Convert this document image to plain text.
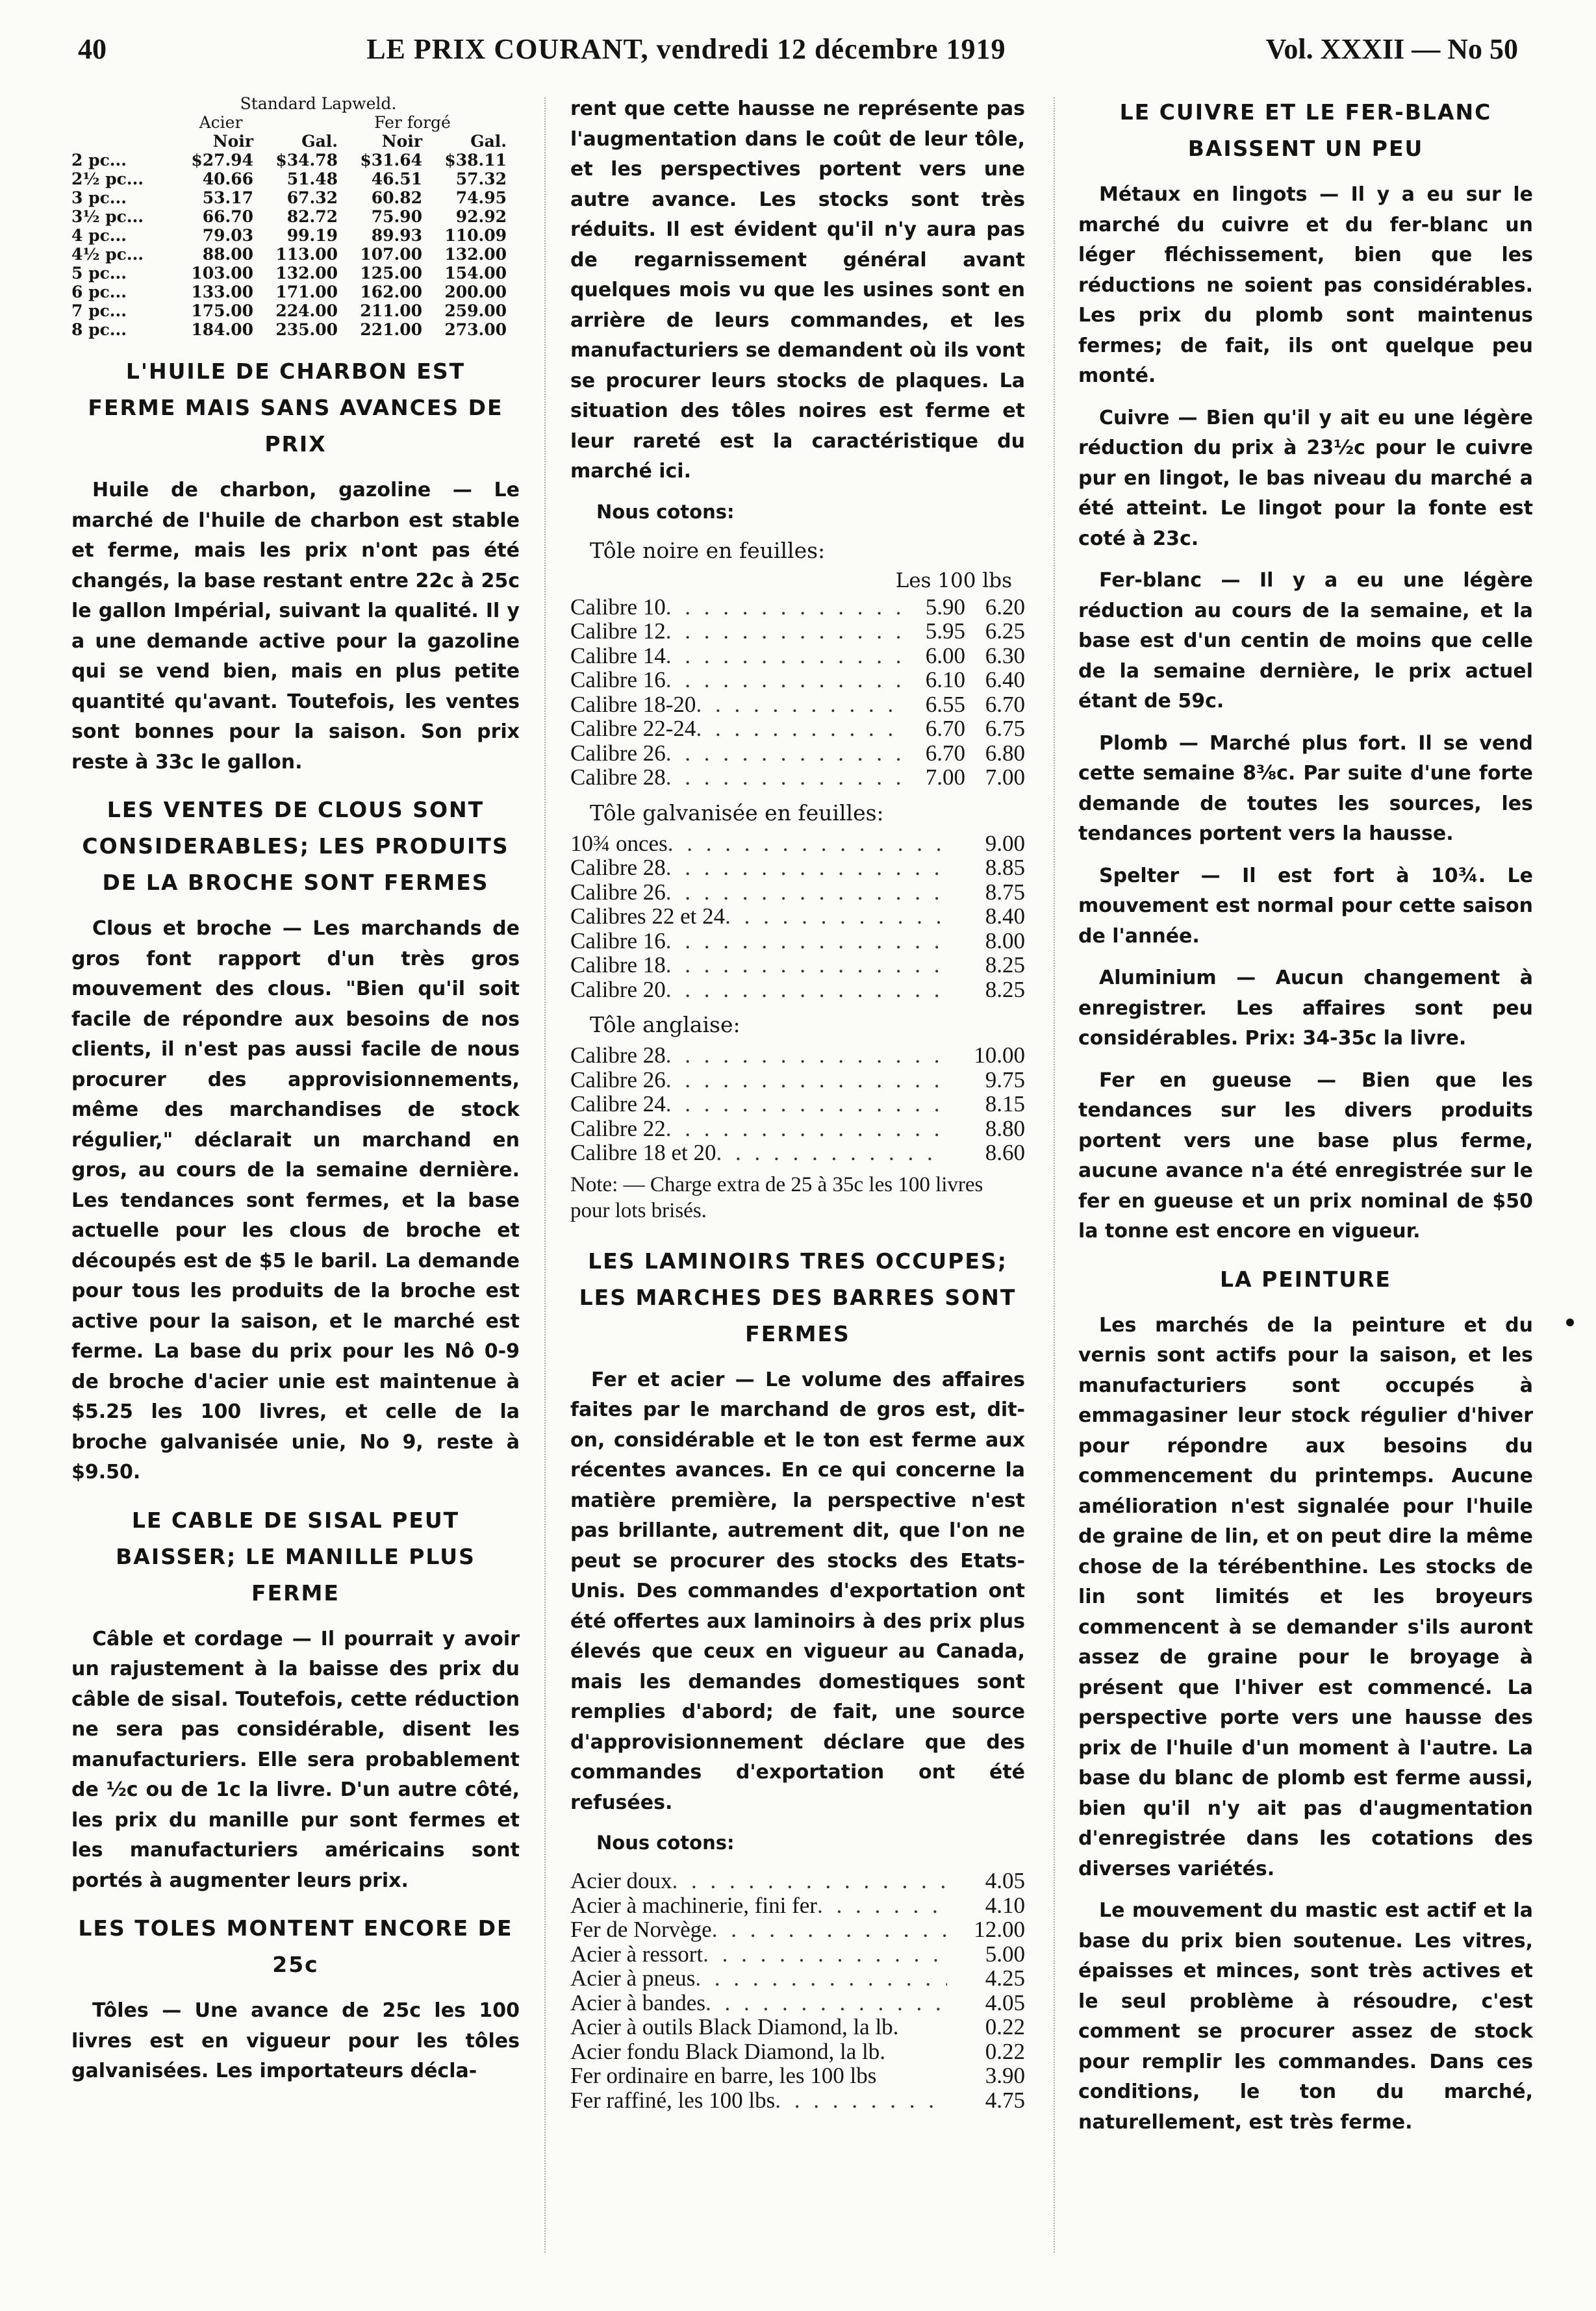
40	LE PRIX COURANT, vendredi 12 décembre 1919	Vol. XXXII — No 50
Standard Lapweld.
Acier	Fer forgé
Noir	Gal.	Noir	Gal.
2 pc...	$27.94	$34.78	$31.64	$38.11
2½ pc...	40.66	51.48	46.51	57.32
3 pc...	53.17	67.32	60.82	74.95
3½ pc...	66.70	82.72	75.90	92.92
4 pc...	79.03	99.19	89.93	110.09
4½ pc...	88.00	113.00	107.00	132.00
5 pc...	103.00	132.00	125.00	154.00
6 pc...	133.00	171.00	162.00	200.00
7 pc...	175.00	224.00	211.00	259.00
8 pc...	184.00	235.00	221.00	273.00
L'HUILE DE CHARBON EST FERME MAIS SANS AVANCES DE PRIX

Huile de charbon, gazoline — Le marché de l'huile de charbon est stable et ferme, mais les prix n'ont pas été changés, la base restant entre 22c à 25c le gallon Impérial, suivant la qualité. Il y a une demande active pour la gazoline qui se vend bien, mais en plus petite quantité qu'avant. Toutefois, les ventes sont bonnes pour la saison. Son prix reste à 33c le gallon.

LES VENTES DE CLOUS SONT CONSIDERABLES; LES PRODUITS DE LA BROCHE SONT FERMES

Clous et broche — Les marchands de gros font rapport d'un très gros mouvement des clous. "Bien qu'il soit facile de répondre aux besoins de nos clients, il n'est pas aussi facile de nous procurer des approvisionnements, même des marchandises de stock régulier," déclarait un marchand en gros, au cours de la semaine dernière. Les tendances sont fermes, et la base actuelle pour les clous de broche et découpés est de $5 le baril. La demande pour tous les produits de la broche est active pour la saison, et le marché est ferme. La base du prix pour les Nô 0-9 de broche d'acier unie est maintenue à $5.25 les 100 livres, et celle de la broche galvanisée unie, No 9, reste à $9.50.

LE CABLE DE SISAL PEUT BAISSER; LE MANILLE PLUS FERME

Câble et cordage — Il pourrait y avoir un rajustement à la baisse des prix du câble de sisal. Toutefois, cette réduction ne sera pas considérable, disent les manufacturiers. Elle sera probablement de ½c ou de 1c la livre. D'un autre côté, les prix du manille pur sont fermes et les manufacturiers américains sont portés à augmenter leurs prix.

LES TOLES MONTENT ENCORE DE 25c

Tôles — Une avance de 25c les 100 livres est en vigueur pour les tôles galvanisées. Les importateurs décla-

rent que cette hausse ne représente pas l'augmentation dans le coût de leur tôle, et les perspectives portent vers une autre avance. Les stocks sont très réduits. Il est évident qu'il n'y aura pas de regarnissement général avant quelques mois vu que les usines sont en arrière de leurs commandes, et les manufacturiers se demandent où ils vont se procurer leurs stocks de plaques. La situation des tôles noires est ferme et leur rareté est la caractéristique du marché ici.

Nous cotons:
Tôle noire en feuilles:
Les 100 lbs
Calibre 10 . . .	5.90 6.20
Calibre 12 . . .	5.95 6.25
Calibre 14 . . .	6.00 6.30
Calibre 16 . . .	6.10 6.40
Calibre 18-20 . . .	6.55 6.70
Calibre 22-24 . . .	6.70 6.75
Calibre 26 . . .	6.70 6.80
Calibre 28 . . .	7.00 7.00
Tôle galvanisée en feuilles:
10¾ onces . . .	9.00
Calibre 28 . . .	8.85
Calibre 26 . . .	8.75
Calibres 22 et 24 . . .	8.40
Calibre 16 . . .	8.00
Calibre 18 . . .	8.25
Calibre 20 . . .	8.25
Tôle anglaise:
Calibre 28 . . .	10.00
Calibre 26 . . .	9.75
Calibre 24 . . .	8.15
Calibre 22 . . .	8.80
Calibre 18 et 20 . . .	8.60
Note: — Charge extra de 25 à 35c les 100 livres pour lots brisés.
LES LAMINOIRS TRES OCCUPES; LES MARCHES DES BARRES SONT FERMES

Fer et acier — Le volume des affaires faites par le marchand de gros est, dit-on, considérable et le ton est ferme aux récentes avances. En ce qui concerne la matière première, la perspective n'est pas brillante, autrement dit, que l'on ne peut se procurer des stocks des Etats-Unis. Des commandes d'exportation ont été offertes aux laminoirs à des prix plus élevés que ceux en vigueur au Canada, mais les demandes domestiques sont remplies d'abord; de fait, une source d'approvisionnement déclare que des commandes d'exportation ont été refusées.

Nous cotons:
Acier doux . . .	4.05
Acier à machinerie, fini fer . . .	4.10
Fer de Norvège . . .	12.00
Acier à ressort . . .	5.00
Acier à pneus . . .	4.25
Acier à bandes . . .	4.05
Acier à outils Black Diamond, la lb.	0.22
Acier fondu Black Diamond, la lb.	0.22
Fer ordinaire en barre, les 100 lbs	3.90
Fer raffiné, les 100 lbs . . .	4.75
LE CUIVRE ET LE FER-BLANC BAISSENT UN PEU

Métaux en lingots — Il y a eu sur le marché du cuivre et du fer-blanc un léger fléchissement, bien que les réductions ne soient pas considérables. Les prix du plomb sont maintenus fermes; de fait, ils ont quelque peu monté.

Cuivre — Bien qu'il y ait eu une légère réduction du prix à 23½c pour le cuivre pur en lingot, le bas niveau du marché a été atteint. Le lingot pour la fonte est coté à 23c.

Fer-blanc — Il y a eu une légère réduction au cours de la semaine, et la base est d'un centin de moins que celle de la semaine dernière, le prix actuel étant de 59c.

Plomb — Marché plus fort. Il se vend cette semaine 8⅜c. Par suite d'une forte demande de toutes les sources, les tendances portent vers la hausse.

Spelter — Il est fort à 10¾. Le mouvement est normal pour cette saison de l'année.

Aluminium — Aucun changement à enregistrer. Les affaires sont peu considérables. Prix: 34-35c la livre.

Fer en gueuse — Bien que les tendances sur les divers produits portent vers une base plus ferme, aucune avance n'a été enregistrée sur le fer en gueuse et un prix nominal de $50 la tonne est encore en vigueur.

LA PEINTURE

Les marchés de la peinture et du vernis sont actifs pour la saison, et les manufacturiers sont occupés à emmagasiner leur stock régulier d'hiver pour répondre aux besoins du commencement du printemps. Aucune amélioration n'est signalée pour l'huile de graine de lin, et on peut dire la même chose de la térébenthine. Les stocks de lin sont limités et les broyeurs commencent à se demander s'ils auront assez de graine pour le broyage à présent que l'hiver est commencé. La perspective porte vers une hausse des prix de l'huile d'un moment à l'autre. La base du blanc de plomb est ferme aussi, bien qu'il n'y ait pas d'augmentation d'enregistrée dans les cotations des diverses variétés.

Le mouvement du mastic est actif et la base du prix bien soutenue. Les vitres, épaisses et minces, sont très actives et le seul problème à résoudre, c'est comment se procurer assez de stock pour remplir les commandes. Dans ces conditions, le ton du marché, naturellement, est très ferme.
